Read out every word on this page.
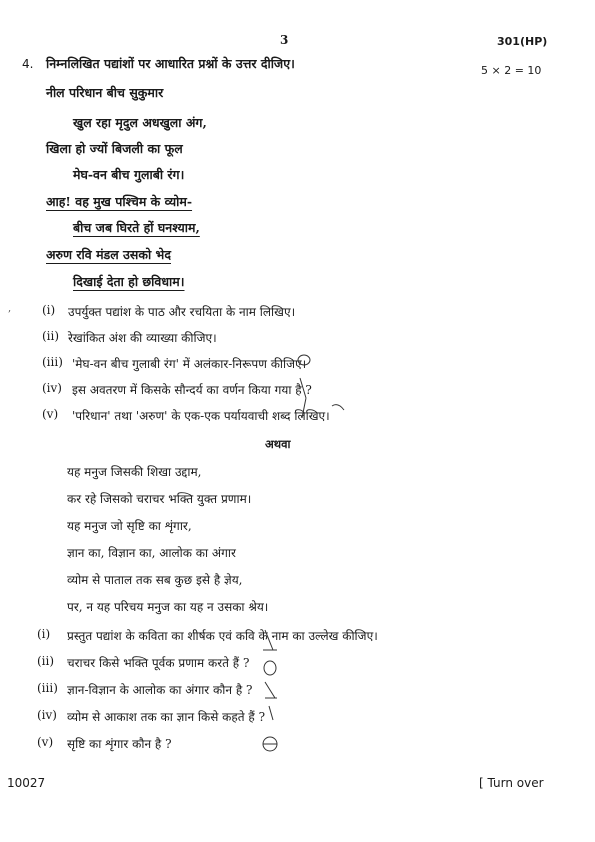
3	301(HP)
4. निम्नलिखित पद्यांशों पर आधारित प्रश्नों के उत्तर दीजिए।	5 × 2 = 10
नील परिधान बीच सुकुमार
खुल रहा मृदुल अधखुला अंग,
खिला हो ज्यों बिजली का फूल
मेघ-वन बीच गुलाबी रंग।
आह! वह मुख पश्चिम के व्योम-
बीच जब घिरते हों घनश्याम,
अरुण रवि मंडल उसको भेद
दिखाई देता हो छविधाम।
,	(i) उपर्युक्त पद्यांश के पाठ और रचयिता के नाम लिखिए।
(ii) रेखांकित अंश की व्याख्या कीजिए।
(iii) 'मेघ-वन बीच गुलाबी रंग' में अलंकार-निरूपण कीजिए।
(iv) इस अवतरण में किसके सौन्दर्य का वर्णन किया गया है ?
(v) 'परिधान' तथा 'अरुण' के एक-एक पर्यायवाची शब्द लिखिए।
अथवा
यह मनुज जिसकी शिखा उद्दाम,
कर रहे जिसको चराचर भक्ति युक्त प्रणाम।
यह मनुज जो सृष्टि का शृंगार,
ज्ञान का, विज्ञान का, आलोक का अंगार
व्योम से पाताल तक सब कुछ इसे है ज्ञेय,
पर, न यह परिचय मनुज का यह न उसका श्रेय।
(i) प्रस्तुत पद्यांश के कविता का शीर्षक एवं कवि के नाम का उल्लेख कीजिए।
(ii) चराचर किसे भक्ति पूर्वक प्रणाम करते हैं ?
(iii) ज्ञान-विज्ञान के आलोक का अंगार कौन है ?
(iv) व्योम से आकाश तक का ज्ञान किसे कहते हैं ?
(v) सृष्टि का शृंगार कौन है ?
10027	[ Turn over
